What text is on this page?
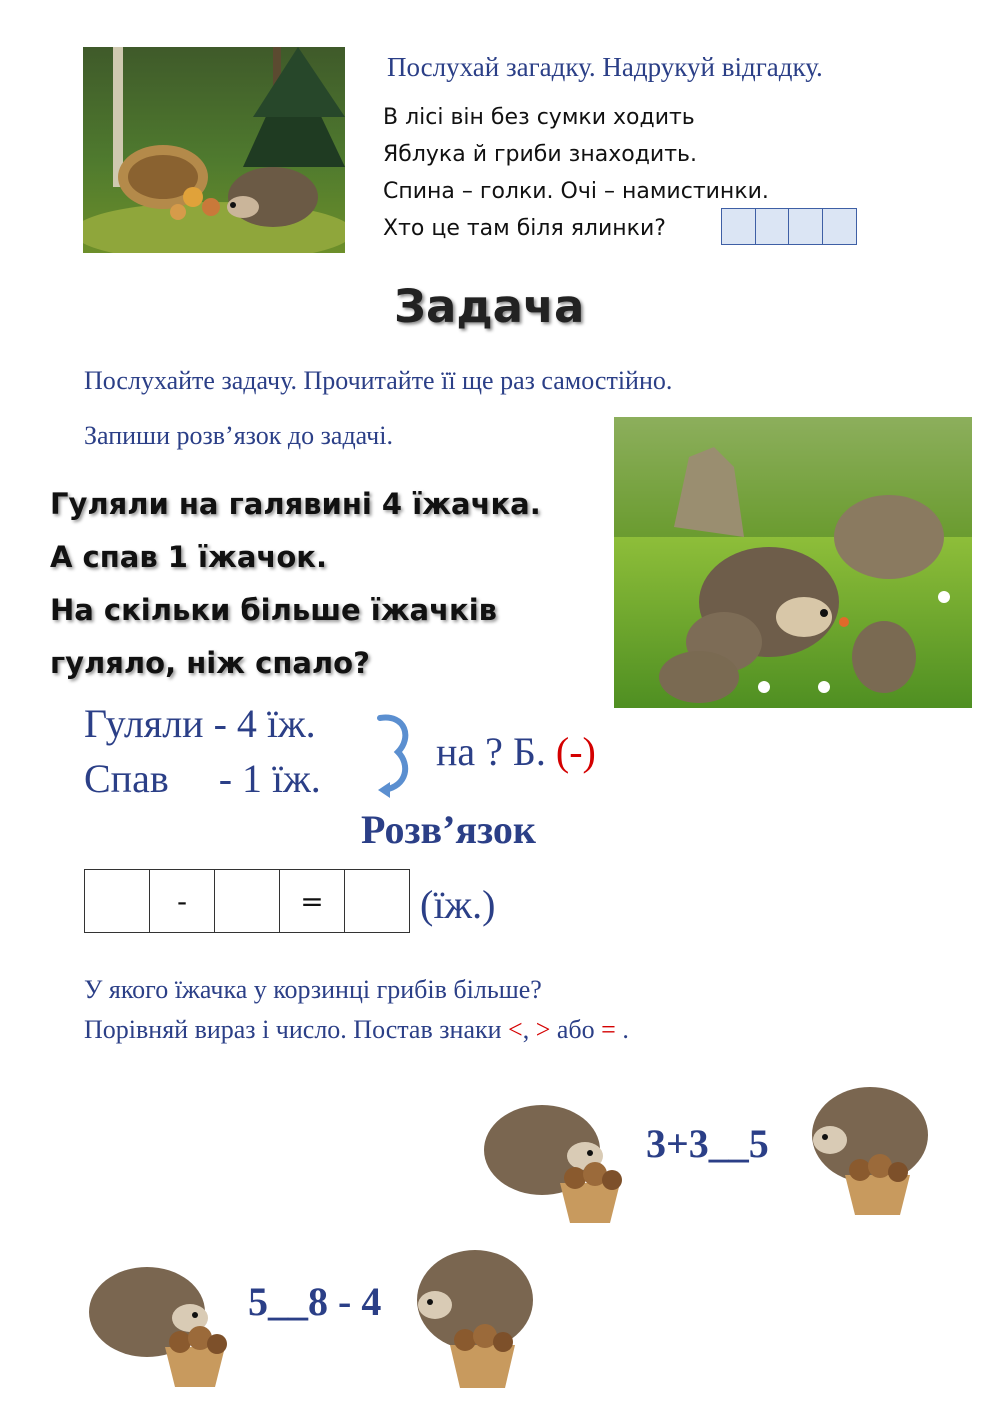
Послухай загадку. Надрукуй відгадку.
В лісі він без сумки ходить
Яблука й гриби знаходить.
Спина – голки. Очі – намистинки.
Хто це там біля ялинки?
Задача
Послухайте задачу. Прочитайте її ще раз самостійно.
Запиши розв’язок до задачі.
Гуляли на галявині 4 їжачка.
А спав 1 їжачок.
На скільки більше їжачків
гуляло, ніж спало?
Гуляли - 4 їж.
Спав     - 1 їж.
на ? Б. (-)
Розв’язок
	-		=	(їж.)
У якого їжачка у корзинці грибів більше?
Порівняй вираз і число. Постав знаки <, > або = .
3+3__5
5__8 - 4
